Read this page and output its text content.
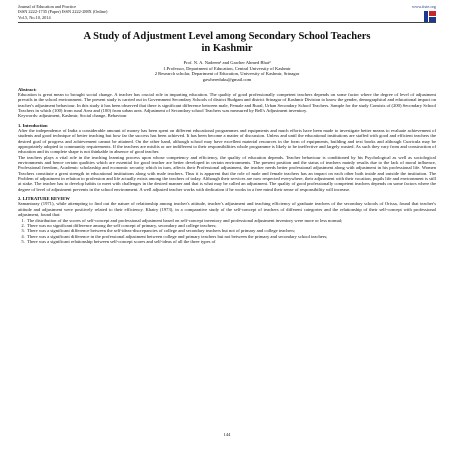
Journal of Education and Practice
ISSN 2222-1735 (Paper) ISSN 2222-288X (Online)
Vol.5, No.10, 2014
www.iiste.org
A Study of Adjustment Level among Secondary School Teachers
in Kashmir
Prof. N. A. Nadeem¹ and Gawher Ahmed Bhat²
1.Professor, Department of Education, Central University of Kashmir
2 Research scholar, Department of Education, University of Kashmir, Srinagar
gawhereduku@gmail.com
Abstract:

Education is great mean to brought social change. A teacher has crucial role in imparting education. The quality of good professionally competent teachers depends on some factor where the degree of level of adjustment prevails in the school environment. The present study is carried out in Government Secondary Schools of district Budgam and district Srinagar of Kashmir Division to know the gender, demographical and educational impact on teacher's adjustment behaviour. In this study it has been observed that there is significant difference between male, Female and Rural, Urban Secondary School Teachers. Sample for the study Consists of (200) Secondary School Teachers in which (100) from rural Area and (100) from urban area. Adjustment of Secondary school Teachers was measured by Bell's Adjustment inventory.

Keywords: adjustment, Kashmir, Social change, Behaviour

1. Introduction

After the independence of India a considerable amount of money has been spent on different educational programmes and equipments and much efforts have been made to investigate better means to evaluate achievement of students and good technique of better teaching but how far the success has been achieved. It has been become a matter of discussion. Unless and until the educational institutions are staffed with good and efficient teachers the desired goal of progress and achievement cannot be attained. On the other hand, although school may have excellent material resources in the form of equipments, building and text books and although Curricula may be appropriately adopted to community requirements. If the teachers are misfits or are indifferent to their responsibilities whole programme is likely to be ineffective and largely wasted. As such they vary from and construction of education and its complete shape is not thinkable in absence of good teacher.

The teachers plays a vital role in the teaching learning process upon whose competency and efficiency, the quality of education depends. Teacher behaviour is conditioned by his Psychological as well as sociological environments and hence certain qualities which are essential for good teacher are better developed in certain environments. The present position and the status of teachers mainly results due to the lack of moral influence, Professional freedom, Academic scholarship and economic security which in turn, affects their Professional adjustment, the teacher needs better professional adjustment along with adjustment in his professional life. Women Teachers constitute a great strength in educational institutions along with male teachers. Thus it is apparent that the role of male and female teachers has an impact on each other both inside and outside the institution. The Problem of adjustment in relation to profession and life actually exists among the teachers of today. Although their services are now respected everywhere, their adjustment with their vocation, pupils life and environment is still at stake. The teacher has to develop habits to meet with challenges in the desired manner and that is what may be called an adjustment. The quality of good professionally competent teachers depends on some factors where the degree of level of adjustment prevents in the school environment. A well adjusted teacher works with dedication if he works in a free mind their sense of responsibility will increase.

2. LITRATURE REVIEW

Samantaray (1971), while attempting to find out the nature of relationship among teacher's attitude, teacher's adjustment and teaching efficiency of graduate teachers of the secondary schools of Orissa, found that teacher's attitude and adjustment were positively related to their efficiency. Khatry (1973), in a comparative study of the self-concept of teachers of different categories and the relationship of their self-concept with professional adjustment, found that:

1. The distribution of the scores of self-concept and professional adjustment based on self-concept inventory and professional adjustment inventory were more or less normal;
2. There was no significant difference among the self concept of primary, secondary and college teachers;
3. There was a significant difference between the self-ideas-discrepancies of college and secondary teachers but not of primary and college teachers;
4. There was a significant difference in the professional adjustment between college and primary teachers but not between the primary and secondary school teachers;
5. There was a significant relationship between self-concept scores and self-ideas of all the three types of
144
